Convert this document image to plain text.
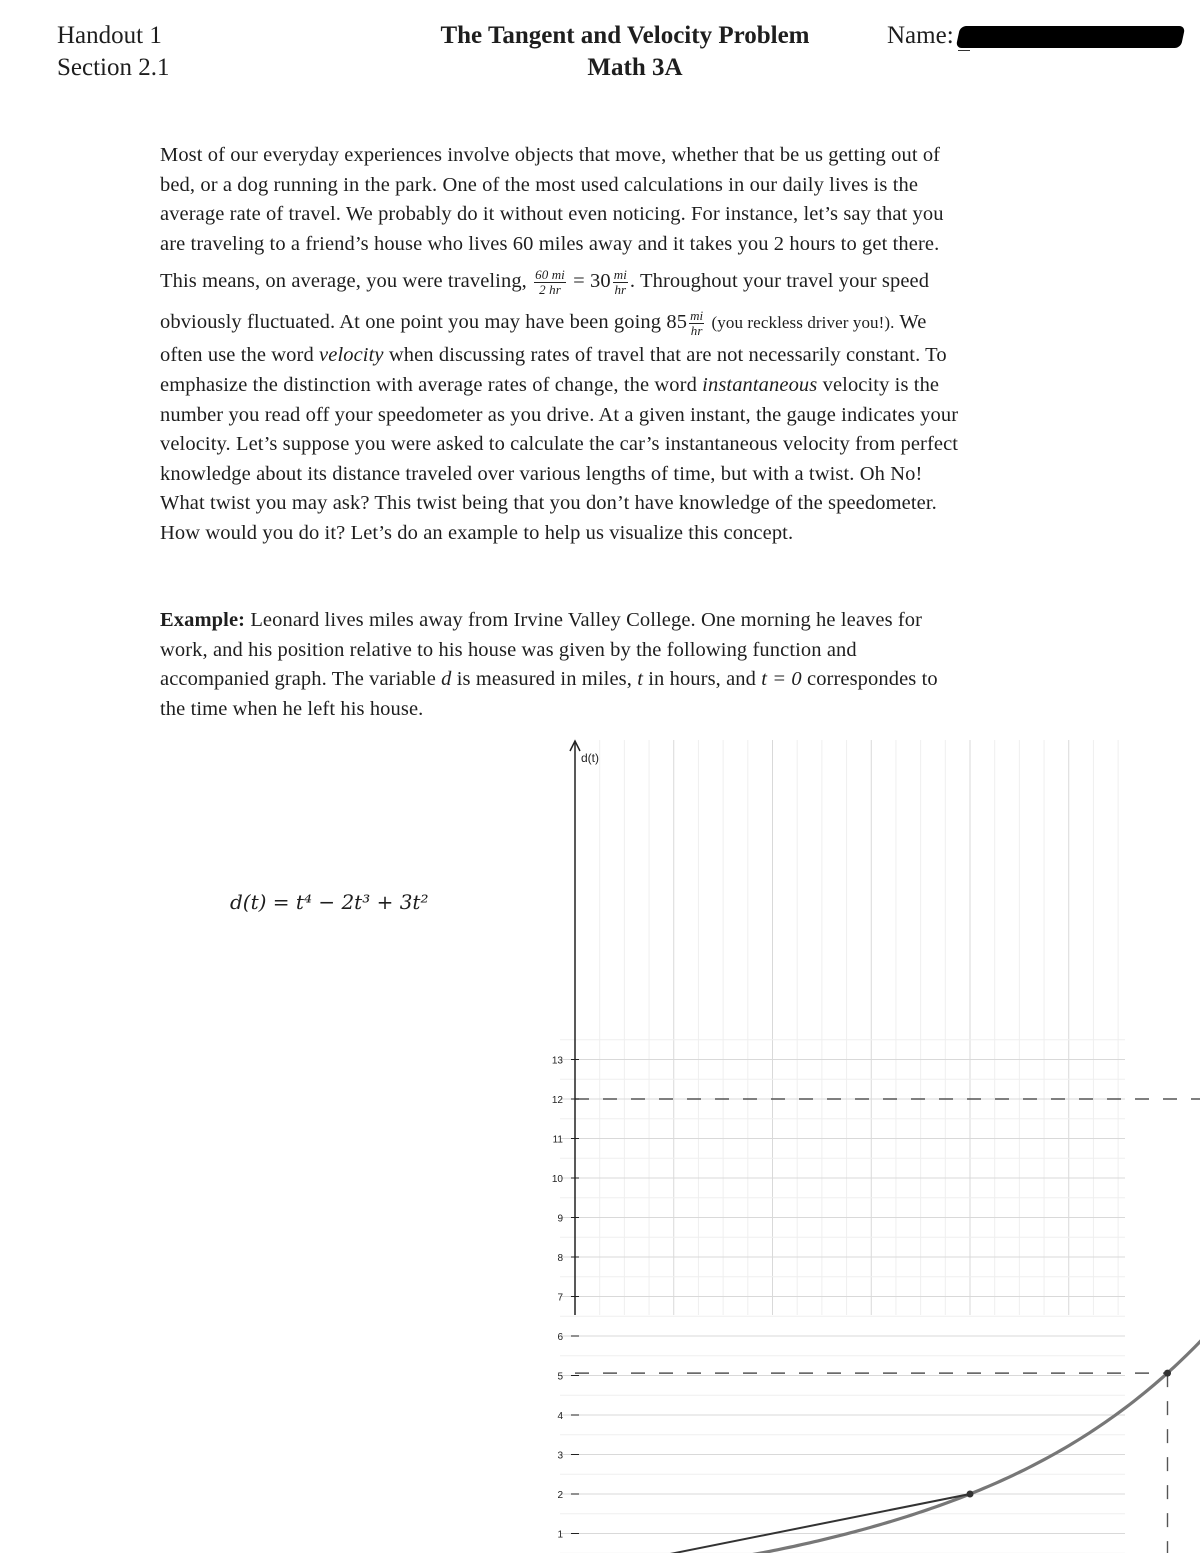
Handout 1
Section 2.1
The Tangent and Velocity Problem
Math 3A
Name:
Most of our everyday experiences involve objects that move, whether that be us getting out of
bed, or a dog running in the park. One of the most used calculations in our daily lives is the
average rate of travel. We probably do it without even noticing. For instance, let’s say that you
are traveling to a friend’s house who lives 60 miles away and it takes you 2 hours to get there.
This means, on average, you were traveling, $\frac{60 mi}{2 hr} = 30 \frac{mi}{hr}$ . Throughout your travel your speed
obviously fluctuated. At one point you may have been going $85 \frac{mi}{hr} (you$ reckless driver you!). We
often use the word velocity when discussing rates of travel that are not necessarily constant. To
emphasize the distinction with average rates of change, the word instantaneous velocity is the
number you read off your speedometer as you drive. At a given instant, the gauge indicates your
velocity. Let’s suppose you were asked to calculate the car’s instantaneous velocity from perfect
knowledge about its distance traveled over various lengths of time, but with a twist. Oh No!
What twist you may ask? This twist being that you don’t have knowledge of the speedometer.
How would you do it? Let’s do an example to help us visualize this concept.
Example: Leonard lives miles away from Irvine Valley College. One morning he leaves for
work, and his position relative to his house was given by the following function and
accompanied graph. The variable d is measured in miles, t in hours, and t = 0 correspondes to
the time when he left his house.
d(t) = t⁴ − 2t³ + 3t²
1
2
3
4
5
6
7
8
9
10
11
12
13
d(t)
